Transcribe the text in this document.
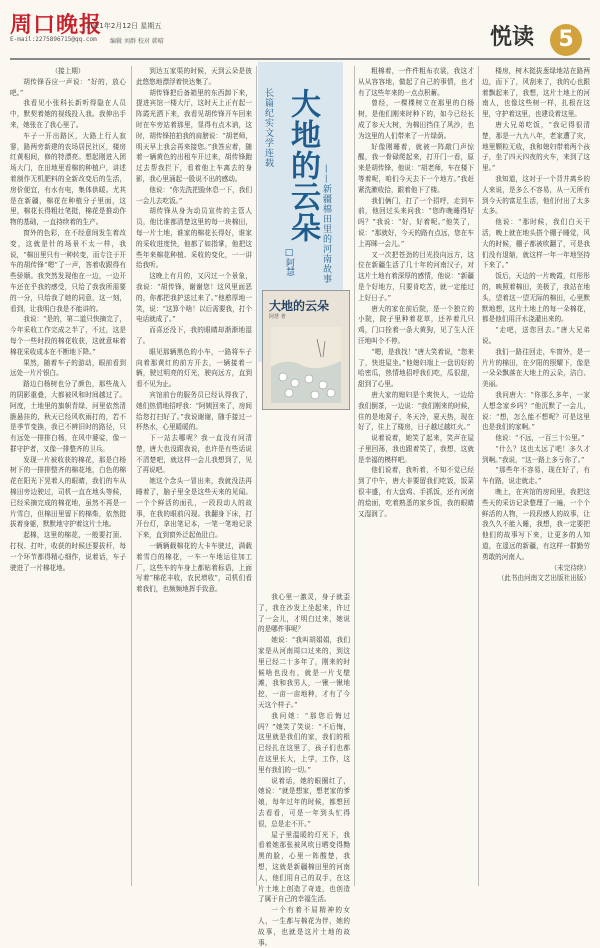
周口晚报
2021年2月12日 星期五
E-mail:2275896715@qq.com 编辑 刘群 校对 韩晴	悦读	5

（接上期）

胡传锋吞应一声说：“好的，放心吧。”

我看见小张科长新听得隐在人员中，默契着她的视线投入我。我伸出手来，她张在了我心里了。

车子一开出路区，大路上行人寂寥，路两旁新建的农场居民社区，楼房红黄相间，修的特漂亮。想起刚进入团场大门，在田地里看棉的种植户，讲述着制作无机肥料的全新改变后的生活，房价便宜，有水有电，集体供暖。尤其是在新疆，棉花在种植分子里面，这里，棉花长得粗壮笔挺，棉花是推动作物的基础，一直持续着的生产。

窗外的色彩，在不经意间发生着改变，这就是针的场景不太一样，我说，“棉田里只有一种转变，而专注于开车的胡传锋“嗯”了一声，答着收跟得有些骄顺。我突然发现他在一边，一边开车还在乎我的感受，只给了我我所需要的一分，只给我了她的同意，这一刻，看到，让我明白我是不能讲的。

我说：“是的，第二道只快摘完了，今年采收工作完成之半了，不过，这是每个一些时段的棉花收获，这就意味着棉花采收成本在不断地下降。”

果然，随着车子的游动，眼前看到远处一片片银白。

路边白杨树也分了颜色，那些战入的阴影重叠，大都被风和时间越过了。阿度，土地里的旗帜青绿，河里依然清脆悬挂的，秋天已经风吹雨打的，若不是季节变换，我已不辨旧时的路径，只有远处一排排白杨，在风中婆娑，像一群守护者，又像一排整齐的卫兵。

发现一片被收获的棉花，那是白杨树下的一排排整齐的棉花地，白色的棉花在阳光下晃着人的眼睛，我们的车从棉田旁边驶过，司机一直在地头等候，已经采摘完成的棉花地，虽然不再是一片雪白，但棉田里留下的棉柴，依然挺拔着身躯，默默地守护着这片土地。

起棉，这里的棉花，一般要打顶、打杈、打叶，收获的时候还要拔秆，每一个环节都得精心细作，说着话，车子驶进了一片棉花地。

到达五家渠的时候，天到云朵是彼此悠悠地漂浮着快达集了。

胡传锋把后备箱里的东西卸下来，提进宾馆一楼大厅，这时天上正有起一阵霞光洒下来，我看见胡传锋开车回来时在车旁站着那里，显得有点木讷，这时，胡传锋拍拍我的肩膀说：“胡老师，明天早上我会再来接您。”我答应着，随着一辆黄色的出租车开过来，胡传锋跑过去帮我拦下，看着他上车离去的身影，我心里涌起一股说不出的感动。

他说：“你先洗把脸休息一下，我们一会儿去吃饭。”

胡传锋从身为动员宣传的主管人员，他比谁都清楚这里的每一块棉田，每一片土地，谁家的棉花长得好，谁家的采收进度快，他都了如指掌，他把这些年来棉花种植、采收的变化，一一讲给我听。

这晚上有月的，又闪过一个景象，我说：“胡传锋，谢谢您！这风里面恶的，你都把我护送过来了。”他憨厚地一笑，说：“这算个啥！以后需要我，打个电话就成了。”

而喜还没下，我的眼睛却渐渐地湿了。

眼见那辆黑色的小车，一路将车子向着那黄红的前方开去，一辆接着一辆，驶过明亮的灯光，驶向远方，直到看不见为止。

宾馆前台的服务员已经认得我了，她们热情地招呼我：“阿姨回来了，房间给您打扫好了。”我说谢谢，随手接过一杯热水，心里暖暖的。

下一站去哪呢？我一直没有问清楚，唐大也没跟我说，也许是有些话说不清楚吧，就这样一会儿我想到了，见了再说吧。

她这个念头一冒出来，我就没法再睡着了，脑子里全是这些天来的见闻。一个个鲜活的面孔，一段段动人的故事，在我的眼前闪现。我翻身下床，打开台灯，拿出笔记本，一笔一笔地记录下来，直到窗外泛起鱼肚白。

一辆辆载棉花的大卡车驶过，满载着雪白的棉花，一车一车地运往加工厂，这些车的车身上都贴着标语，上面写着“棉花丰收，农民增收”，司机们看着我们，也频频地挥手致意。

长篇纪实文学连载 大地的云朵 ——新疆棉田里的河南故事
□阿慧
大地的云朵
阿慧 著

我心里一激灵，身子就歪了，我在沙发上坐起来，许过了一会儿，才明白过来，她说的是哪件事呢？

她说：“我叫胡娟娟，我们家是从河南周口过来的，到这里已经二十多年了，刚来的时候啥也没有，就是一片戈壁滩，我和我男人，一锹一锹地挖，一亩一亩地种，才有了今天这个样子。”

我问她：“那您后悔过吗？”她笑了笑说：“不后悔，这里就是我们的家，我们的根已经扎在这里了，孩子们也都在这里长大，上学，工作，这里有我们的一切。”

说着话，她的眼圈红了，她说：“就是想家，想老家的爹娘，每年过年的时候，都想回去看看，可是一年到头忙得很，总是走不开。”

屋子里温暖的灯光下，我看着她那张被风吹日晒变得黝黑的脸，心里一阵酸楚，我想，这就是新疆棉田里的河南人，他们用自己的双手，在这片土地上创造了奇迹，也创造了属于自己的幸福生活。

一个有着不屈精神的女人，一生都与棉花为伴，她的故事，也就是这片土地的故事。

粗棉着，一件件粗布衣裳，我这才从从容容地，做起了自己的事情，也才有了这些年来的一点点积蓄。

曾经，一棵棵树立在那里的白杨树，是他们刚来时种下的，如今已经长成了参天大树，为棉田挡住了风沙，也为这里的人们带来了一片绿荫。

好像刚睡着，就被一阵敲门声惊醒，我一骨碌爬起来，打开门一看，原来是胡传锋，他说：“胡老师，车在楼下等着呢，咱们今天去下一个地方。”我赶紧洗漱收拾，跟着他下了楼。

我们俩门，打了一个招呼，走到车前，他回过头来问我：“您昨晚睡得好吗？”我说：“好，好着呢。”他笑了，说：“那就好，今天的路有点远，您在车上再眯一会儿。”

又一次把苍劲的目光投向远方，这位在新疆生活了几十年的河南汉子，对这片土地有着深厚的感情，他说：“新疆是个好地方，只要肯吃苦，就一定能过上好日子。”

唐大的家在前后院，是一个独立的小院，院子里种着花草，还养着几只鸡，门口拴着一条大黄狗，见了生人汪汪地叫个不停。

“嗯，是我找！”唐大笑着说，“您来了，快进屋坐。”他媳妇端上一盘切好的哈密瓜，热情地招呼我们吃，瓜很甜，甜到了心里。

唐大家的媳妇是个爽快人，一边给我们倒茶，一边说：“我们刚来的时候，住的是地窝子，冬天冷，夏天热，现在好了，住上了楼房，日子越过越红火。”

说着说着，她笑了起来，笑声在屋子里回荡，我也跟着笑了，我想，这就是幸福的模样吧。

他们说着，我听着，不知不觉已经到了中午，唐大非要留我们吃饭，饭菜很丰盛，有大盘鸡、手抓饭，还有河南的烩面，吃着熟悉的家乡饭，我的眼睛又湿润了。

楼房，树木挺拔葱绿地站在路两边，而下了，风刮来了，我的心也跟着飘起来了，我想，这片土地上的河南人，也像这些树一样，扎根在这里，守护着这里，也建设着这里。

唐大兄弟吃饭，“我记得很清楚，那是一九九八年，老家遭了灾，地里颗粒无收，我和媳妇带着两个孩子，坐了四天四夜的火车，来到了这里。”

我知道，这对于一个背井离乡的人来说，是多么不容易，从一无所有到今天的富足生活，他们付出了太多太多。

他说：“那时候，我们白天干活，晚上就在地头搭个棚子睡觉，风大的时候，棚子都被吹翻了，可是我们没有退缩，就这样一年一年地坚持下来了。”

饭后，天边的一片晚霞，红彤彤的，映照着棉田，美极了，我站在地头，望着这一望无际的棉田，心里默默地想，这片土地上的每一朵棉花，都是他们用汗水浇灌出来的。

“走吧，送您回去。”唐大兄弟说。

我们一路往回走，车窗外，是一片片的棉田，在夕阳的照耀下，像是一朵朵飘落在大地上的云朵，洁白、美丽。

我问唐大：“你那么多年，一家人想念家乡吗？”他沉默了一会儿，说：“想，怎么能不想呢？可是这里也是我们的家啊。”

他说：“不远，一百三十公里。”

“什么？这也太远了吧！多久才到啊。”我说，“这一路上多亏你了。”

“那些年不容易，现在好了，有车有路，说走就走。”

晚上，在宾馆的房间里，我把这些天的采访记录整理了一遍，一个个鲜活的人物，一段段感人的故事，让我久久不能入睡，我想，我一定要把他们的故事写下来，让更多的人知道，在遥远的新疆，有这样一群勤劳勇敢的河南人。

（未完待续）

（此书由河南文艺出版社出版）
